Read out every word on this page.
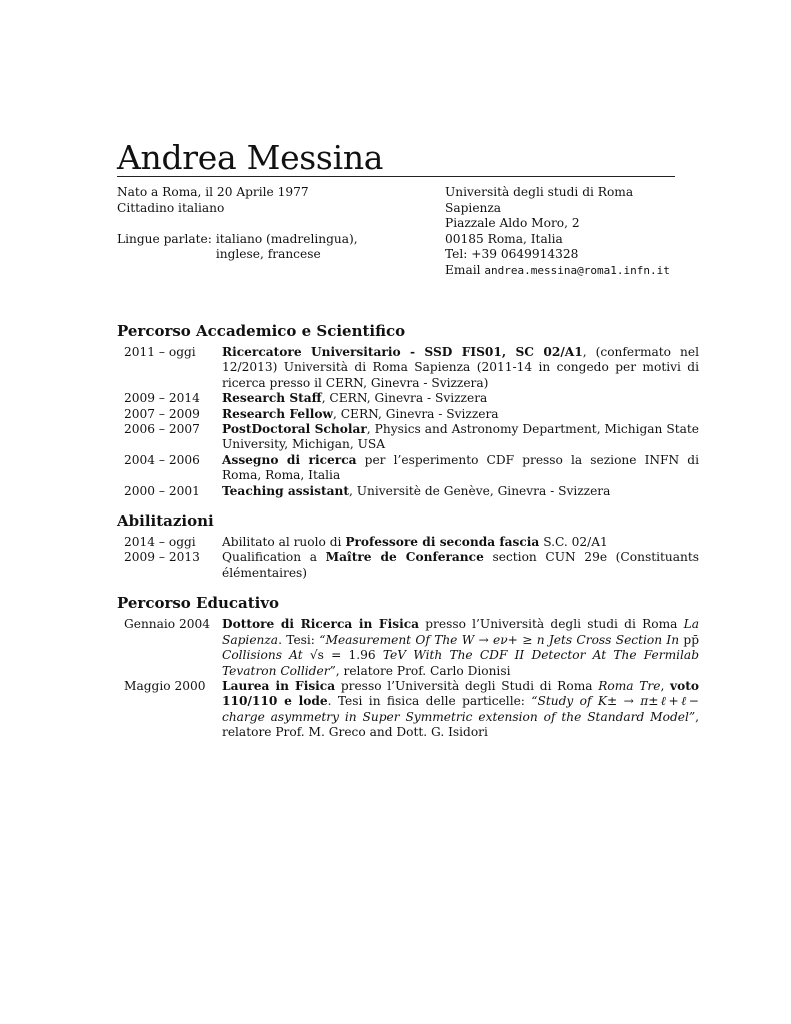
Andrea Messina
Nato a Roma, il 20 Aprile 1977
Cittadino italiano
Lingue parlate: italiano (madrelingua),
inglese, francese
Università degli studi di Roma Sapienza
Piazzale Aldo Moro, 2
00185 Roma, Italia
Tel: +39 0649914328
Email andrea.messina@roma1.infn.it
Percorso Accademico e Scientifico
2011 – oggi	Ricercatore Universitario - SSD FIS01, SC 02/A1, (confermato nel 12/2013) Università di Roma Sapienza (2011-14 in congedo per motivi di ricerca presso il CERN, Ginevra - Svizzera)
2009 – 2014	Research Staff, CERN, Ginevra - Svizzera
2007 – 2009	Research Fellow, CERN, Ginevra - Svizzera
2006 – 2007	PostDoctoral Scholar, Physics and Astronomy Department, Michigan State University, Michigan, USA
2004 – 2006	Assegno di ricerca per l’esperimento CDF presso la sezione INFN di Roma, Roma, Italia
2000 – 2001	Teaching assistant, Universitè de Genève, Ginevra - Svizzera
Abilitazioni
2014 – oggi	Abilitato al ruolo di Professore di seconda fascia S.C. 02/A1
2009 – 2013	Qualification a Maître de Conferance section CUN 29e (Constituants élémentaires)
Percorso Educativo
Gennaio 2004 Dottore di Ricerca in Fisica presso l’Università degli studi di Roma La Sapienza. Tesi: “Measurement Of The W → eν+ ≥ n Jets Cross Section In pp̄ Collisions At √s = 1.96 TeV With The CDF II Detector At The Fermilab Tevatron Collider”, relatore Prof. Carlo Dionisi
Maggio 2000	Laurea in Fisica presso l’Università degli Studi di Roma Roma Tre, voto 110/110 e lode. Tesi in fisica delle particelle: “Study of K± → π±ℓ+ℓ− charge asymmetry in Super Symmetric extension of the Standard Model”, relatore Prof. M. Greco and Dott. G. Isidori
